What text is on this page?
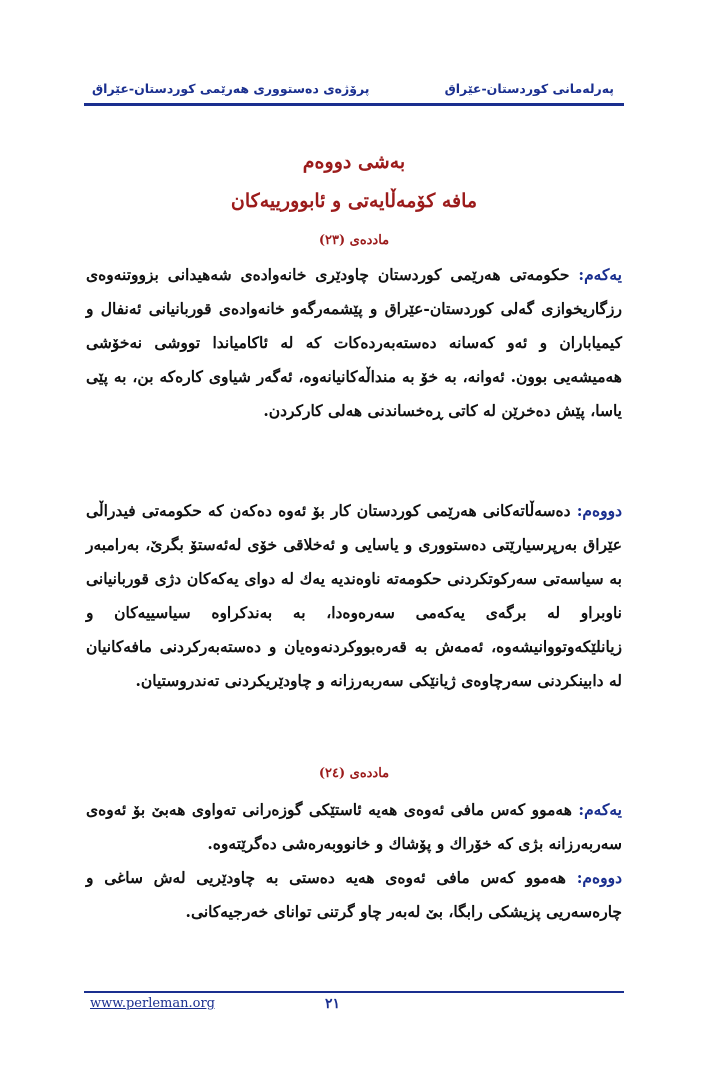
پرۆژەی دەستووری هەرێمی کوردستان-عێراق	پەرلەمانی کوردستان-عێراق
بەشی دووەم
مافە کۆمەڵایەتی و ئابوورییەکان
ماددەی (٢٣)
یەکەم: حکومەتی هەرێمی کوردستان چاودێری خانەوادەی شەهیدانی بزووتنەوەی رزگاریخوازی گەلی کوردستان-عێراق و پێشمەرگەو خانەوادەی قوربانیانی ئەنفال و کیمیاباران و ئەو کەسانە دەستەبەردەکات کە لە ئاکامیاندا تووشی نەخۆشی هەمیشەیی بوون. ئەوانە، بە خۆ بە منداڵەکانیانەوە، ئەگەر شیاوی کارەکە بن، بە پێی یاسا، پێش دەخرێن لە کاتی ڕەخساندنی هەلی کارکردن.
دووەم: دەسەڵاتەکانی هەرێمی کوردستان کار بۆ ئەوە دەکەن کە حکومەتی فیدراڵی عێراق بەرپرسیارێتی دەستووری و یاسایی و ئەخلاقی خۆی لەئەستۆ بگرێ، بەرامبەر بە سیاسەتی سەرکوتکردنی حکومەتە ناوەندیە یەك لە دوای یەکەکان دژی قوربانیانی ناوبراو لە برگەی یەکەمی سەرەوەدا، بە بەندکراوە سیاسییەکان و زیانلێکەوتووانیشەوە، ئەمەش بە قەرەبووکردنەوەیان و دەستەبەرکردنی مافەکانیان لە دابینکردنی سەرچاوەی ژیانێکی سەربەرزانە و چاودێریکردنی تەندروستیان.
ماددەی (٢٤)
یەکەم: هەموو کەس مافی ئەوەی هەیە ئاستێکی گوزەرانی تەواوی هەبێ بۆ ئەوەی سەربەرزانە بژی کە خۆراك و پۆشاك و خانووبەرەشی دەگرێتەوە.
دووەم: هەموو کەس مافی ئەوەی هەیە دەستی بە چاودێریی لەش ساغی و چارەسەریی پزیشکی رابگا، بێ لەبەر چاو گرتنی توانای خەرجیەکانی.
www.perleman.org	٢١
